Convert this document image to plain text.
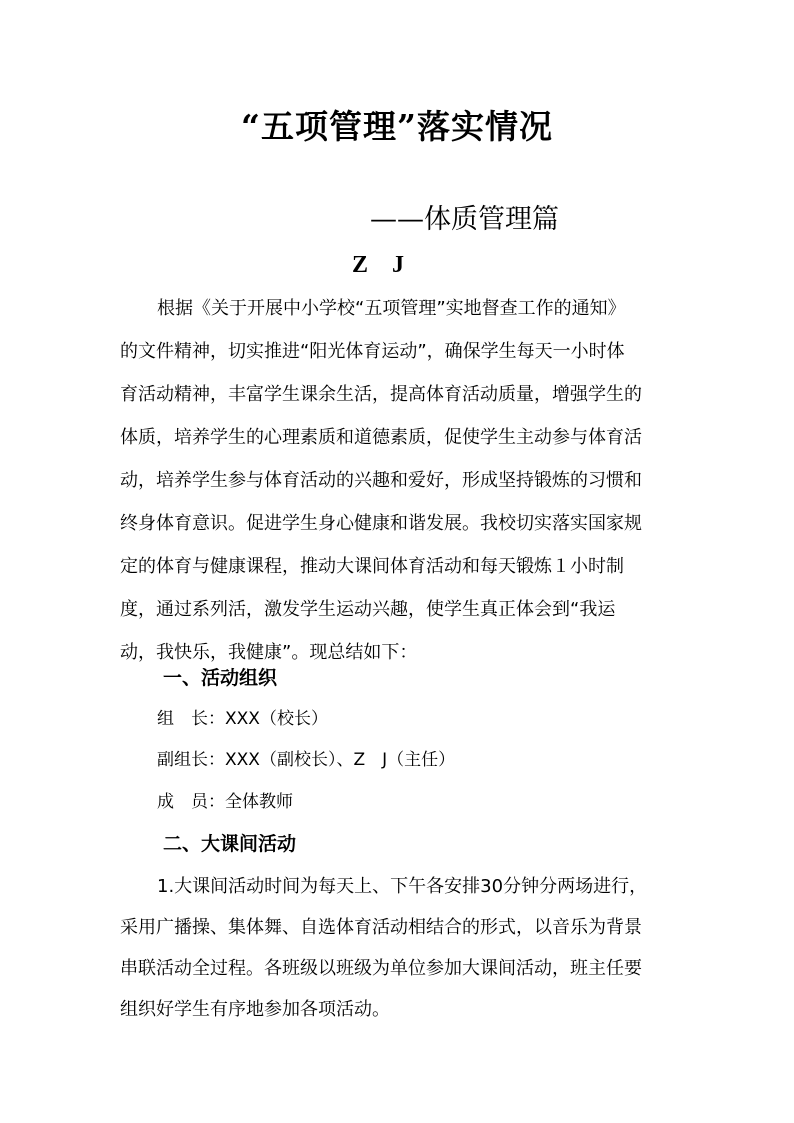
“五项管理”落实情况
——体质管理篇
Z    J
根据《关于开展中小学校“五项管理”实地督查工作的通知》
的文件精神，切实推进“阳光体育运动”，确保学生每天一小时体
育活动精神，丰富学生课余生活，提高体育活动质量，增强学生的
体质，培养学生的心理素质和道德素质，促使学生主动参与体育活
动，培养学生参与体育活动的兴趣和爱好，形成坚持锻炼的习惯和
终身体育意识。促进学生身心健康和谐发展。我校切实落实国家规
定的体育与健康课程，推动大课间体育活动和每天锻炼１小时制
度，通过系列活，激发学生运动兴趣，使学生真正体会到“我运
动，我快乐，我健康”。现总结如下：
一、活动组织
组　长：XXX（校长）
副组长：XXX（副校长）、Z　J（主任）
成　员：全体教师
二、大课间活动
1.大课间活动时间为每天上、下午各安排30分钟分两场进行，
采用广播操、集体舞、自选体育活动相结合的形式，以音乐为背景
串联活动全过程。各班级以班级为单位参加大课间活动，班主任要
组织好学生有序地参加各项活动。
